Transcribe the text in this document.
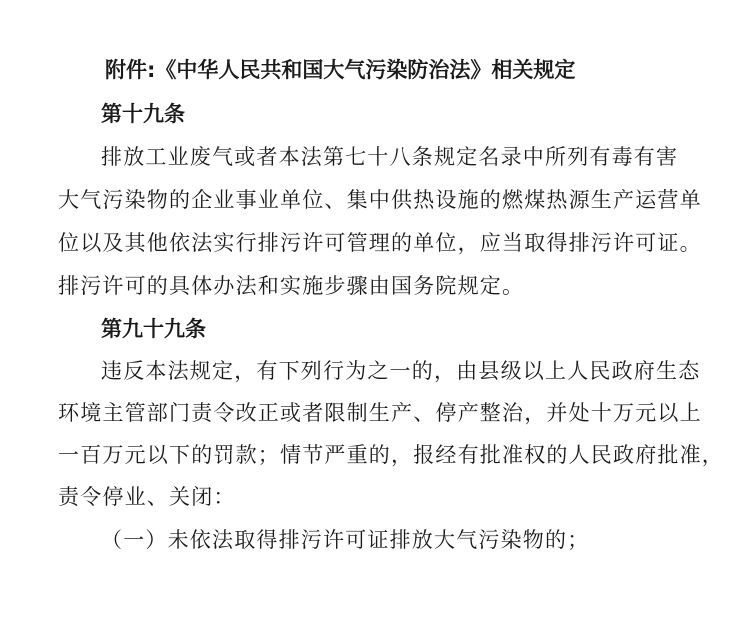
附件:《中华人民共和国大气污染防治法》相关规定
第十九条
排放工业废气或者本法第七十八条规定名录中所列有毒有害
大气污染物的企业事业单位、集中供热设施的燃煤热源生产运营单
位以及其他依法实行排污许可管理的单位，应当取得排污许可证。
排污许可的具体办法和实施步骤由国务院规定。
第九十九条
违反本法规定，有下列行为之一的，由县级以上人民政府生态
环境主管部门责令改正或者限制生产、停产整治，并处十万元以上
一百万元以下的罚款；情节严重的，报经有批准权的人民政府批准，
责令停业、关闭：
（一）未依法取得排污许可证排放大气污染物的；
